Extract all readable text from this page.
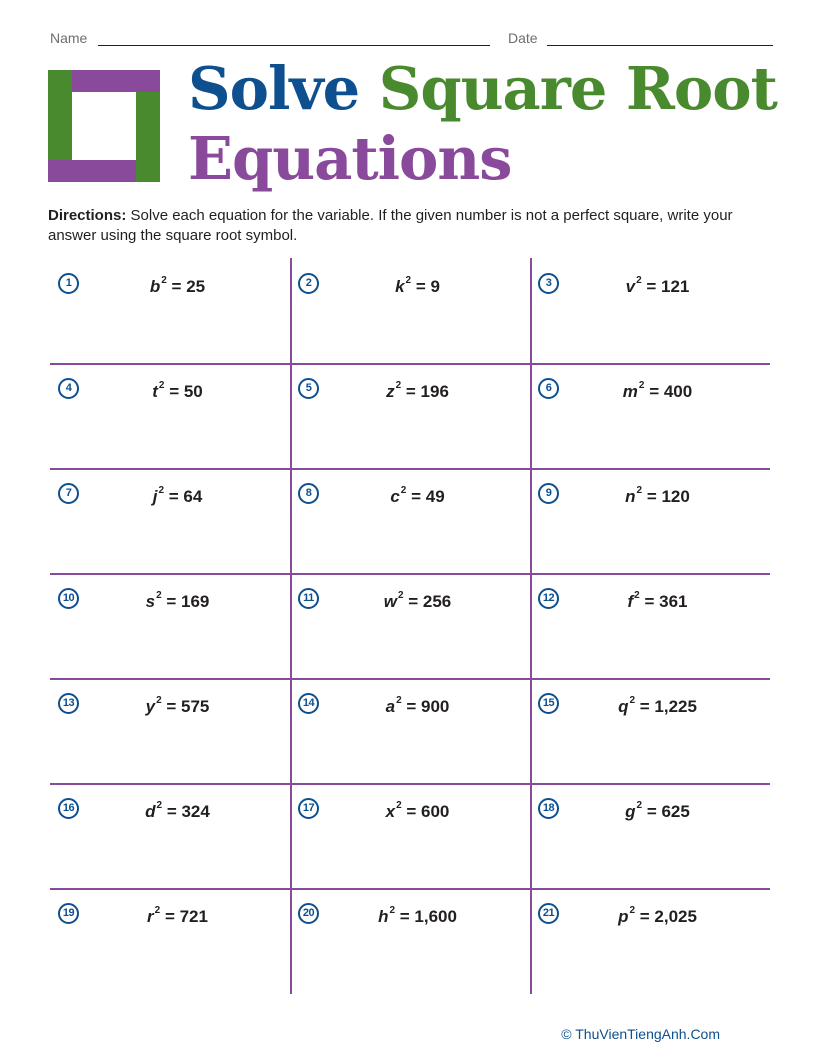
Name	Date
Solve Square Root
Equations
Directions: Solve each equation for the variable. If the given number is not a perfect square, write your answer using the square root symbol.
1	$b^2 = 25$	2	$k^2 = 9$	3	$v^2 = 121$
4	$t^2 = 50$	5	$z^2 = 196$	6	$m^2 = 400$
7	$j^2 = 64$	8	$c^2 = 49$	9	$n^2 = 120$
10	$s^2 = 169$	11	$w^2 = 256$	12	$f^2 = 361$
13	$y^2 = 575$	14	$a^2 = 900$	15	$q^2 = 1,225$
16	$d^2 = 324$	17	$x^2 = 600$	18	$g^2 = 625$
19	$r^2 = 721$	20	$h^2 = 1,600$	21	$p^2 = 2,025$
© ThuVienTiengAnh.Com
